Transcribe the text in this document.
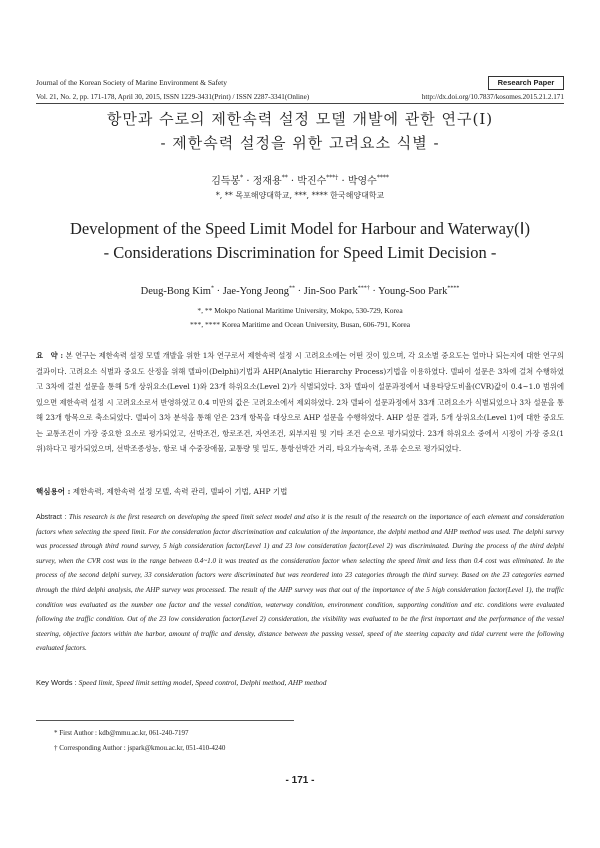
Journal of the Korean Society of Marine Environment & Safety	Research Paper
Vol. 21, No. 2, pp. 171-178, April 30, 2015, ISSN 1229-3431(Print) / ISSN 2287-3341(Online)	http://dx.doi.org/10.7837/kosomes.2015.21.2.171
항만과 수로의 제한속력 설정 모델 개발에 관한 연구(Ⅰ)
- 제한속력 설정을 위한 고려요소 식별 -
김득봉* · 정재용** · 박진수***† · 박영수****
*, ** 목포해양대학교, ***, **** 한국해양대학교
Development of the Speed Limit Model for Harbour and Waterway(Ⅰ)
- Considerations Discrimination for Speed Limit Decision -
Deug-Bong Kim* · Jae-Yong Jeong** · Jin-Soo Park***† · Young-Soo Park****
*, ** Mokpo National Maritime University, Mokpo, 530-729, Korea
***, **** Korea Maritime and Ocean University, Busan, 606-791, Korea
요　약 : 본 연구는 제한속력 설정 모델 개발을 위한 1차 연구로서 제한속력 설정 시 고려요소에는 어떤 것이 있으며, 각 요소별 중요도는 얼마나 되는지에 대한 연구의 결과이다. 고려요소 식별과 중요도 산정을 위해 델파이(Delphi)기법과 AHP(Analytic Hierarchy Process)기법을 이용하였다. 델파이 설문은 3차에 걸쳐 수행하였고 3차에 걸친 설문을 통해 5개 상위요소(Level 1)와 23개 하위요소(Level 2)가 식별되었다. 3차 델파이 설문과정에서 내용타당도비율(CVR)값이 0.4~1.0 범위에 있으면 제한속력 설정 시 고려요소로서 반영하였고 0.4 미만의 값은 고려요소에서 제외하였다. 2차 델파이 설문과정에서 33개 고려요소가 식별되었으나 3차 설문을 통해 23개 항목으로 축소되었다. 델파이 3차 분석을 통해 얻은 23개 항목을 대상으로 AHP 설문을 수행하였다. AHP 설문 결과, 5개 상위요소(Level 1)에 대한 중요도는 교통조건이 가장 중요한 요소로 평가되었고, 선박조건, 항로조건, 자연조건, 외부지원 및 기타 조건 순으로 평가되었다. 23개 하위요소 중에서 시정이 가장 중요(1위)하다고 평가되었으며, 선박조종성능, 항로 내 수중장애물, 교통량 및 밀도, 통항선박간 거리, 타요가능속력, 조류 순으로 평가되었다.
핵심용어 : 제한속력, 제한속력 설정 모델, 속력 관리, 델파이 기법, AHP 기법
Abstract : This research is the first research on developing the speed limit select model and also it is the result of the research on the importance of each element and consideration factors when selecting the speed limit. For the consideration factor discrimination and calculation of the importance, the delphi method and AHP method was used. The delphi survey was processed through third round survey, 5 high consideration factor(Level 1) and 23 low consideration factor(Level 2) was discriminated. During the process of the third delphi survey, when the CVR cost was in the range between 0.4~1.0 it was treated as the consideration factor when selecting the speed limit and less than 0.4 cost was eliminated. In the process of the second delphi survey, 33 consideration factors were discriminated but was reordered into 23 categories through the third survey. Based on the 23 categories earned through the third delphi analysis, the AHP survey was processed. The result of the AHP survey was that out of the importance of the 5 high consideration factor(Level 1), the traffic condition was evaluated as the number one factor and the vessel condition, waterway condition, environment condition, supporting condition and etc. conditions were evaluated following the traffic condition. Out of the 23 low consideration factor(Level 2) consideration, the visibility was evaluated to be the first important and the performance of the vessel steering, objective factors within the harbor, amount of traffic and density, distance between the passing vessel, speed of the steering capacity and tidal current were the following evaluated factors.
Key Words : Speed limit, Speed limit setting model, Speed control, Delphi method, AHP method
* First Author : kdb@mmu.ac.kr, 061-240-7197
† Corresponding Author : jspark@kmou.ac.kr, 051-410-4240
- 171 -
